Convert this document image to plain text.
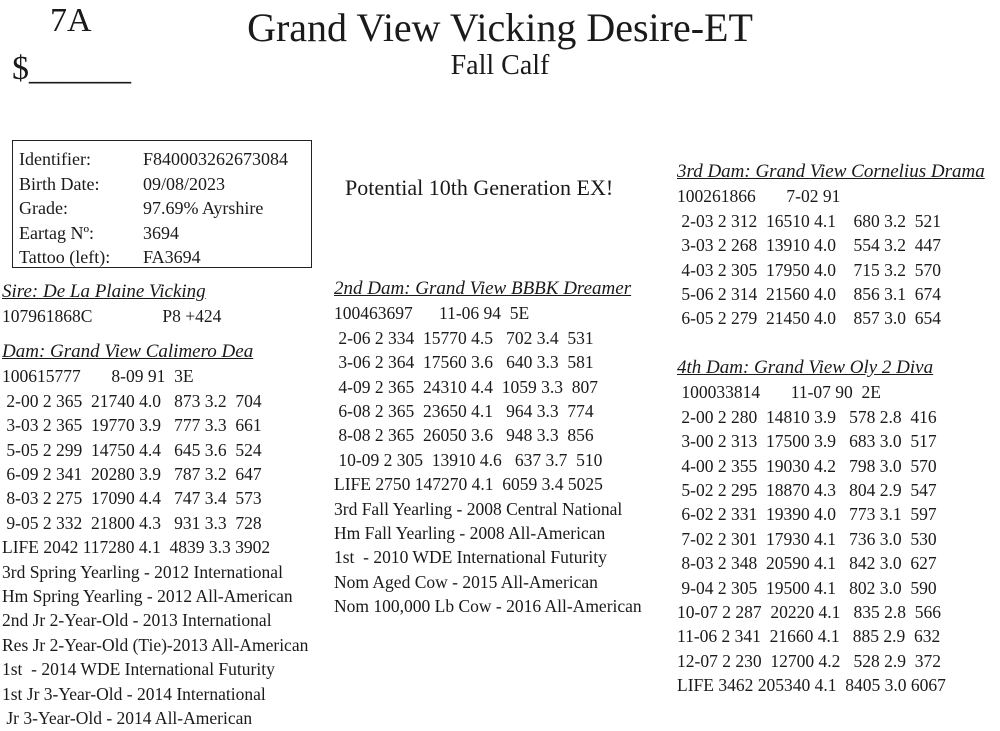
7A
$______
Grand View Vicking Desire-ET
Fall Calf
Identifier:	F840003262673084
Birth Date:	09/08/2023
Grade:	97.69% Ayrshire
Eartag Nº:	3694
Tattoo (left):	FA3694
Potential 10th Generation EX!
Sire: De La Plaine Vicking
107961868C                P8 +424
Dam: Grand View Calimero Dea
100615777       8-09 91  3E
2-00 2 365  21740 4.0   873 3.2  704
3-03 2 365  19770 3.9   777 3.3  661
5-05 2 299  14750 4.4   645 3.6  524
6-09 2 341  20280 3.9   787 3.2  647
8-03 2 275  17090 4.4   747 3.4  573
9-05 2 332  21800 4.3   931 3.3  728
LIFE 2042 117280 4.1  4839 3.3 3902
3rd Spring Yearling - 2012 International
Hm Spring Yearling - 2012 All-American
2nd Jr 2-Year-Old - 2013 International
Res Jr 2-Year-Old (Tie)-2013 All-American
1st  - 2014 WDE International Futurity
1st Jr 3-Year-Old - 2014 International
Jr 3-Year-Old - 2014 All-American
2nd Dam: Grand View BBBK Dreamer
100463697      11-06 94  5E
2-06 2 334  15770 4.5   702 3.4  531
3-06 2 364  17560 3.6   640 3.3  581
4-09 2 365  24310 4.4  1059 3.3  807
6-08 2 365  23650 4.1   964 3.3  774
8-08 2 365  26050 3.6   948 3.3  856
10-09 2 305  13910 4.6   637 3.7  510
LIFE 2750 147270 4.1  6059 3.4 5025
3rd Fall Yearling - 2008 Central National
Hm Fall Yearling - 2008 All-American
1st  - 2010 WDE International Futurity
Nom Aged Cow - 2015 All-American
Nom 100,000 Lb Cow - 2016 All-American
3rd Dam: Grand View Cornelius Drama
100261866       7-02 91
2-03 2 312  16510 4.1    680 3.2  521
3-03 2 268  13910 4.0    554 3.2  447
4-03 2 305  17950 4.0    715 3.2  570
5-06 2 314  21560 4.0    856 3.1  674
6-05 2 279  21450 4.0    857 3.0  654
4th Dam: Grand View Oly 2 Diva
100033814       11-07 90  2E
2-00 2 280  14810 3.9   578 2.8  416
3-00 2 313  17500 3.9   683 3.0  517
4-00 2 355  19030 4.2   798 3.0  570
5-02 2 295  18870 4.3   804 2.9  547
6-02 2 331  19390 4.0   773 3.1  597
7-02 2 301  17930 4.1   736 3.0  530
8-03 2 348  20590 4.1   842 3.0  627
9-04 2 305  19500 4.1   802 3.0  590
10-07 2 287  20220 4.1   835 2.8  566
11-06 2 341  21660 4.1   885 2.9  632
12-07 2 230  12700 4.2   528 2.9  372
LIFE 3462 205340 4.1  8405 3.0 6067
